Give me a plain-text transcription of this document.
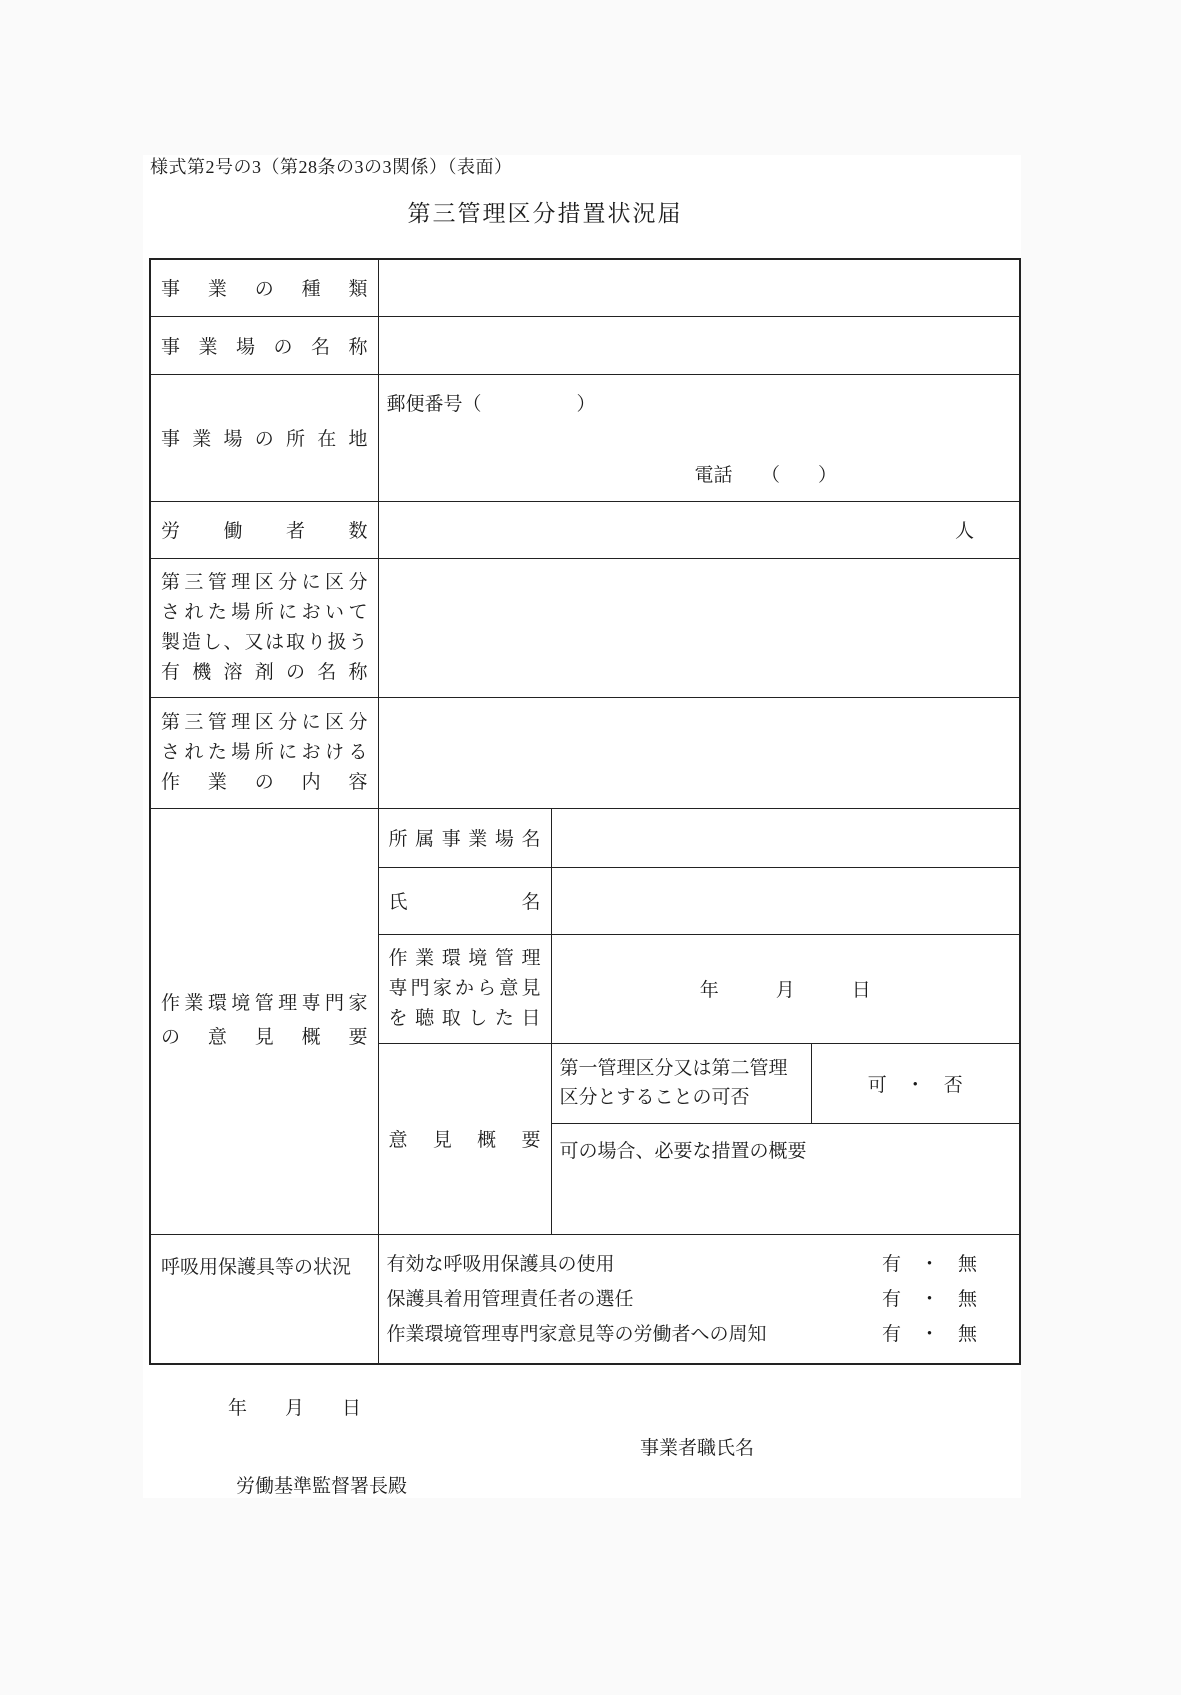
様式第2号の3（第28条の3の3関係）（表面）
第三管理区分措置状況届
事業の種類			

事業場の名称			

事業場の所在地	郵便番号（　　　　　）
電話　　（　　）		

労働者数	人		

第三管理区分に区分
された場所において
製造し、又は取り扱う
有機溶剤の名称			

第三管理区分に区分
された場所における
作業の内容			

作業環境管理専門家
の意見概要	所属事業場名		

	氏名		

	作業環境管理
専門家から意見
を聴取した日	年　　　月　　　日	

	意見概要	第一管理区分又は第二管理
区分とすることの可否	可　・　否

		可の場合、必要な措置の概要	

呼吸用保護具等の状況	有効な呼吸用保護具の使用	有　・　無
保護具着用管理責任者の選任	有　・　無
作業環境管理専門家意見等の労働者への周知	有　・　無
年　　月　　日
事業者職氏名
労働基準監督署長殿
